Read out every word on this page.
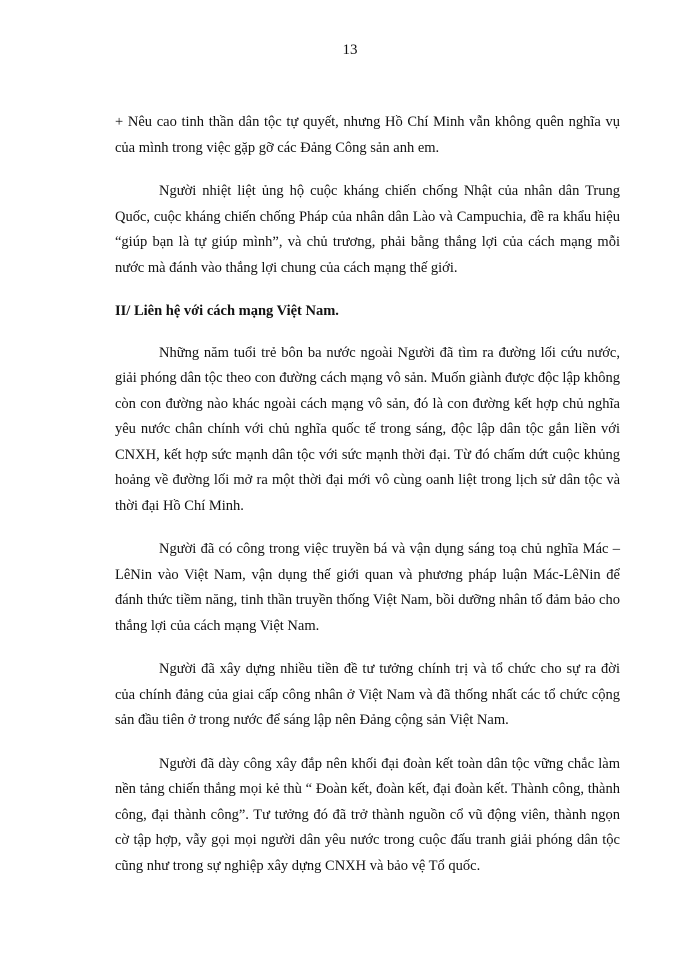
13

+ Nêu cao tinh thần dân tộc tự quyết, nhưng Hồ Chí Minh vẫn không quên nghĩa vụ của mình trong việc gặp gỡ các Đảng Công sản anh em.

Người nhiệt liệt ủng hộ cuộc kháng chiến chống Nhật của nhân dân Trung Quốc, cuộc kháng chiến chống Pháp của nhân dân Lào và Campuchia, đề ra khẩu hiệu “giúp bạn là tự giúp mình”, và chủ trương, phải bằng thắng lợi của cách mạng mỗi nước mà đánh vào thắng lợi chung của cách mạng thế giới.

II/ Liên hệ với cách mạng Việt Nam.

Những năm tuổi trẻ bôn ba nước ngoài Người đã tìm ra đường lối cứu nước, giải phóng dân tộc theo con đường cách mạng vô sản. Muốn giành được độc lập không còn con đường nào khác ngoài cách mạng vô sản, đó là con đường kết hợp chủ nghĩa yêu nước chân chính với chủ nghĩa quốc tế trong sáng, độc lập dân tộc gắn liền với CNXH, kết hợp sức mạnh dân tộc với sức mạnh thời đại. Từ đó chấm dứt cuộc khủng hoảng về đường lối mở ra một thời đại mới vô cùng oanh liệt trong lịch sử dân tộc và thời đại Hồ Chí Minh.

Người đã có công trong việc truyền bá và vận dụng sáng toạ chủ nghĩa Mác – LêNin vào Việt Nam, vận dụng thế giới quan và phương pháp luận Mác-LêNin để đánh thức tiềm năng, tinh thần truyền thống Việt Nam, bồi dưỡng nhân tố đảm bảo cho thắng lợi của cách mạng Việt Nam.

Người đã xây dựng nhiều tiền đề tư tưởng chính trị và tổ chức cho sự ra đời của chính đảng của giai cấp công nhân ở Việt Nam và đã thống nhất các tổ chức cộng sản đầu tiên ở trong nước để sáng lập nên Đảng cộng sản Việt Nam.

Người đã dày công xây đắp nên khối đại đoàn kết toàn dân tộc vững chắc làm nền tảng chiến thắng mọi kẻ thù “ Đoàn kết, đoàn kết, đại đoàn kết. Thành công, thành công, đại thành công”. Tư tưởng đó đã trở thành nguồn cổ vũ động viên, thành ngọn cờ tập hợp, vẫy gọi mọi người dân yêu nước trong cuộc đấu tranh giải phóng dân tộc cũng như trong sự nghiệp xây dựng CNXH và bảo vệ Tổ quốc.
